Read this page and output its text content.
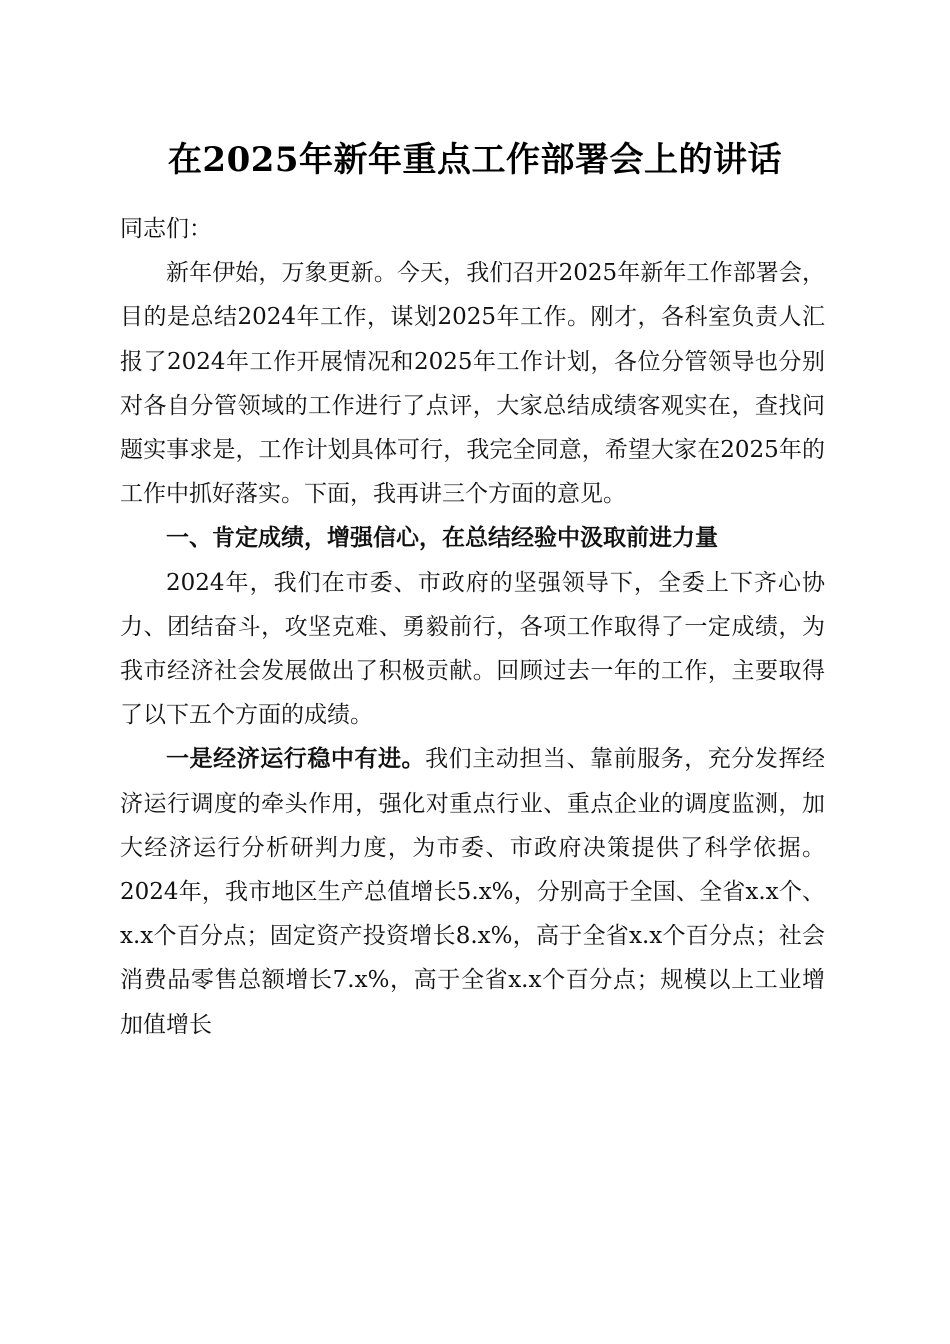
在2025年新年重点工作部署会上的讲话

同志们：

新年伊始，万象更新。今天，我们召开2025年新年工作部署会，目的是总结2024年工作，谋划2025年工作。刚才，各科室负责人汇报了2024年工作开展情况和2025年工作计划，各位分管领导也分别对各自分管领域的工作进行了点评，大家总结成绩客观实在，查找问题实事求是，工作计划具体可行，我完全同意，希望大家在2025年的工作中抓好落实。下面，我再讲三个方面的意见。

一、肯定成绩，增强信心，在总结经验中汲取前进力量

2024年，我们在市委、市政府的坚强领导下，全委上下齐心协力、团结奋斗，攻坚克难、勇毅前行，各项工作取得了一定成绩，为我市经济社会发展做出了积极贡献。回顾过去一年的工作，主要取得了以下五个方面的成绩。

一是经济运行稳中有进。我们主动担当、靠前服务，充分发挥经济运行调度的牵头作用，强化对重点行业、重点企业的调度监测，加大经济运行分析研判力度，为市委、市政府决策提供了科学依据。2024年，我市地区生产总值增长5.x%，分别高于全国、全省x.x个、x.x个百分点；固定资产投资增长8.x%，高于全省x.x个百分点；社会消费品零售总额增长7.x%，高于全省x.x个百分点；规模以上工业增加值增长
